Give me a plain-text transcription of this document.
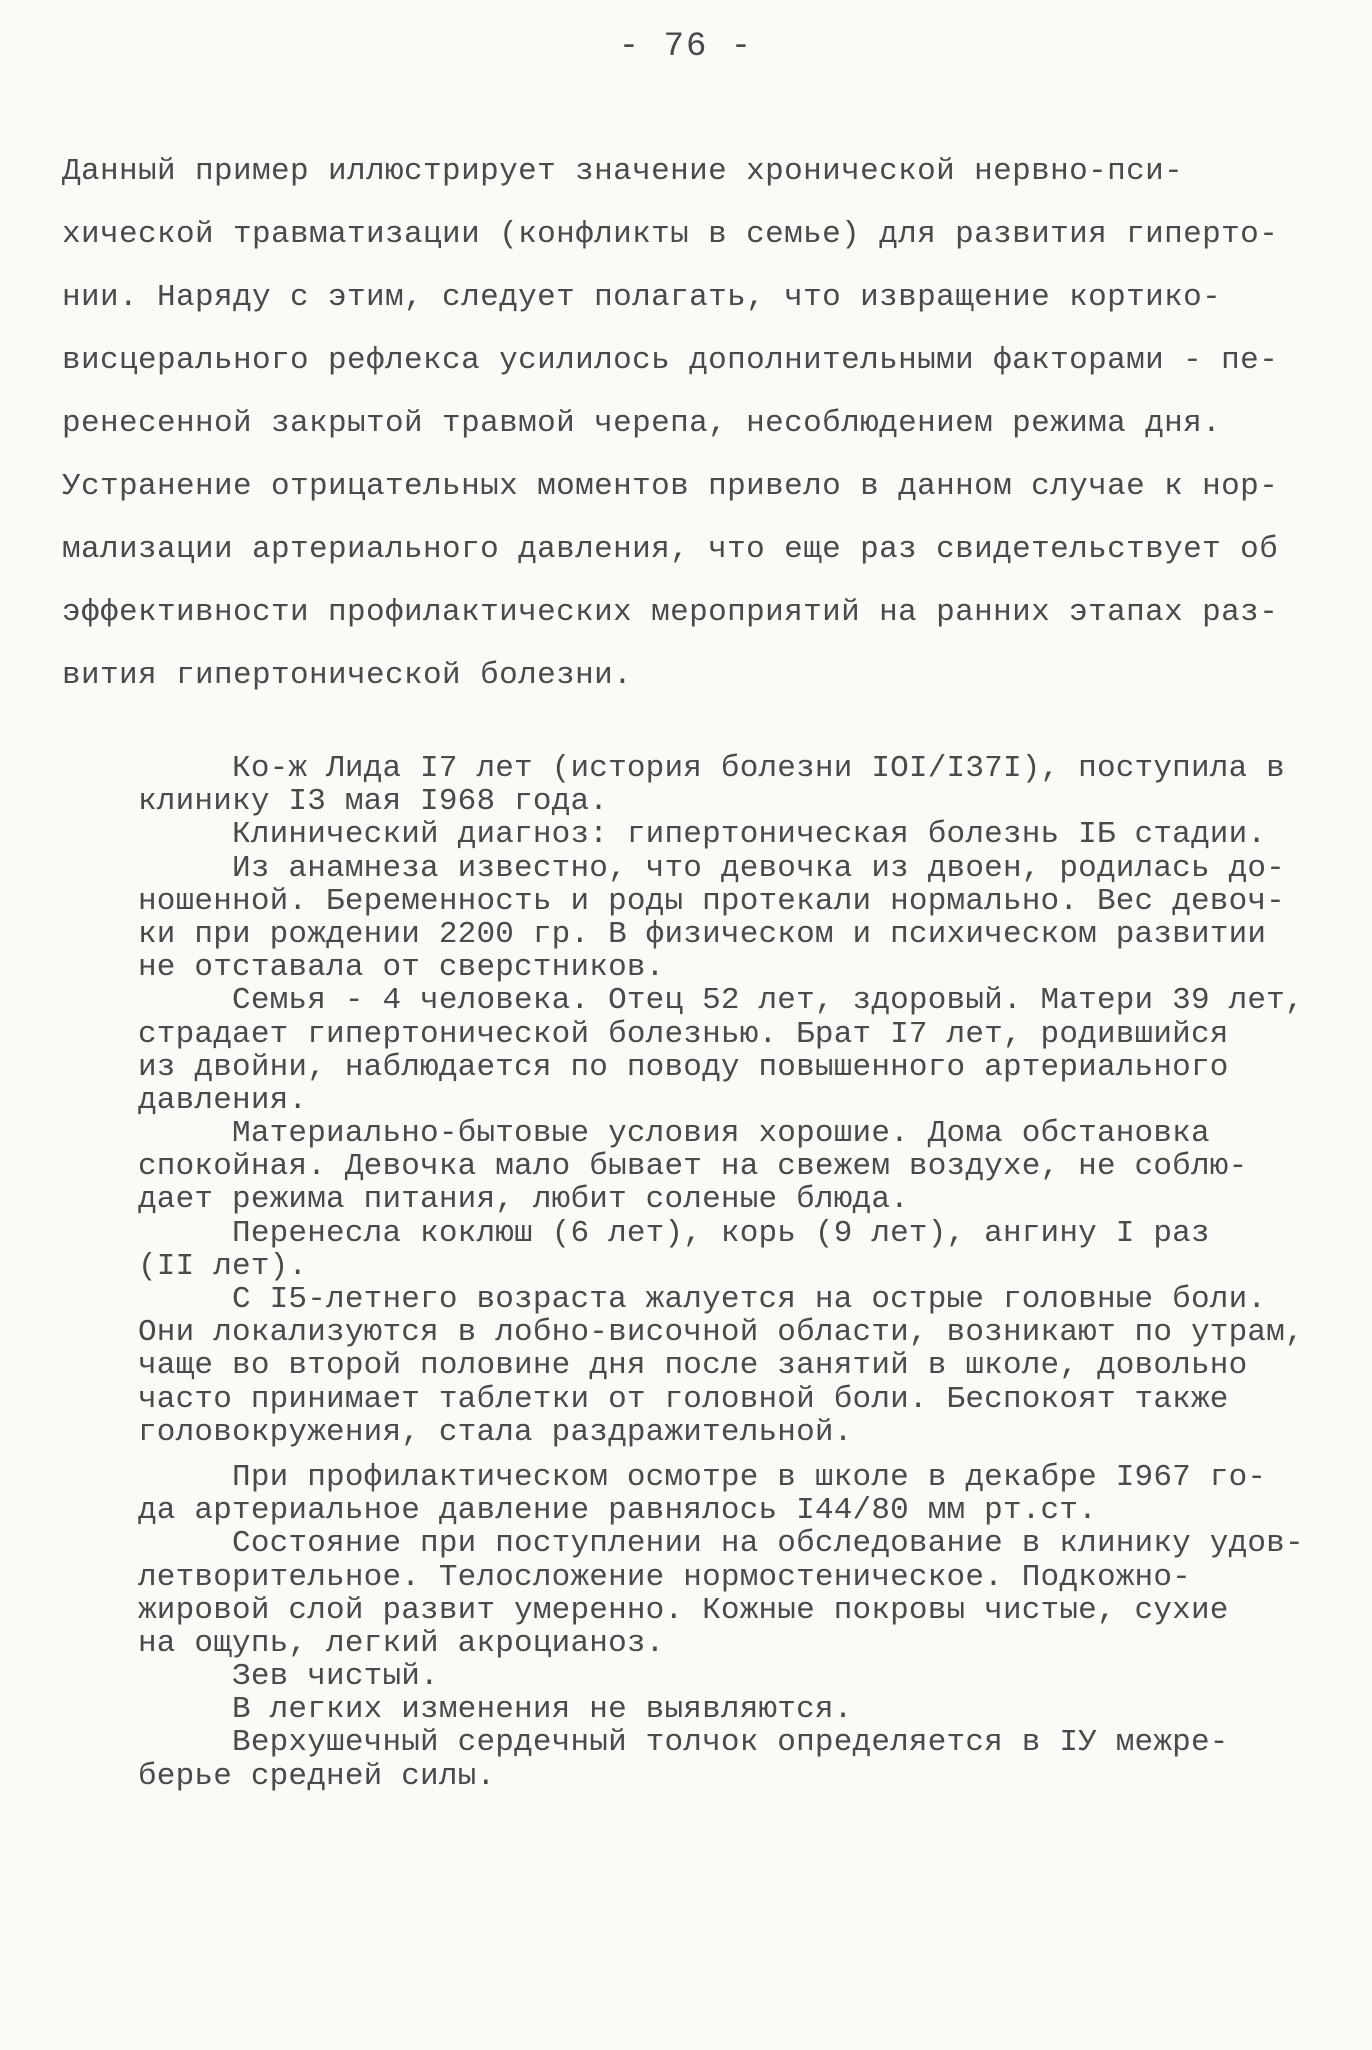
- 76 -
Данный пример иллюстрирует значение хронической нервно-пси-
хической травматизации (конфликты в семье) для развития гиперто-
нии. Наряду с этим, следует полагать, что извращение кортико-
висцерального рефлекса усилилось дополнительными факторами - пе-
ренесенной закрытой травмой черепа, несоблюдением режима дня.
Устранение отрицательных моментов привело в данном случае к нор-
мализации артериального давления, что еще раз свидетельствует об
эффективности профилактических мероприятий на ранних этапах раз-
вития гипертонической болезни.
Ко-ж Лида I7 лет (история болезни IOI/I37I), поступила в
клинику I3 мая I968 года.
Клинический диагноз: гипертоническая болезнь IБ стадии.
Из анамнеза известно, что девочка из двоен, родилась до-
ношенной. Беременность и роды протекали нормально. Вес девоч-
ки при рождении 2200 гр. В физическом и психическом развитии
не отставала от сверстников.
Семья - 4 человека. Отец 52 лет, здоровый. Матери 39 лет,
страдает гипертонической болезнью. Брат I7 лет, родившийся
из двойни, наблюдается по поводу повышенного артериального
давления.
Материально-бытовые условия хорошие. Дома обстановка
спокойная. Девочка мало бывает на свежем воздухе, не соблю-
дает режима питания, любит соленые блюда.
Перенесла коклюш (6 лет), корь (9 лет), ангину I раз
(II лет).
С I5-летнего возраста жалуется на острые головные боли.
Они локализуются в лобно-височной области, возникают по утрам,
чаще во второй половине дня после занятий в школе, довольно
часто принимает таблетки от головной боли. Беспокоят также
головокружения, стала раздражительной.
При профилактическом осмотре в школе в декабре I967 го-
да артериальное давление равнялось I44/80 мм рт.ст.
Состояние при поступлении на обследование в клинику удов-
летворительное. Телосложение нормостеническое. Подкожно-
жировой слой развит умеренно. Кожные покровы чистые, сухие
на ощупь, легкий акроцианоз.
Зев чистый.
В легких изменения не выявляются.
Верхушечный сердечный толчок определяется в IУ межре-
берье средней силы.
